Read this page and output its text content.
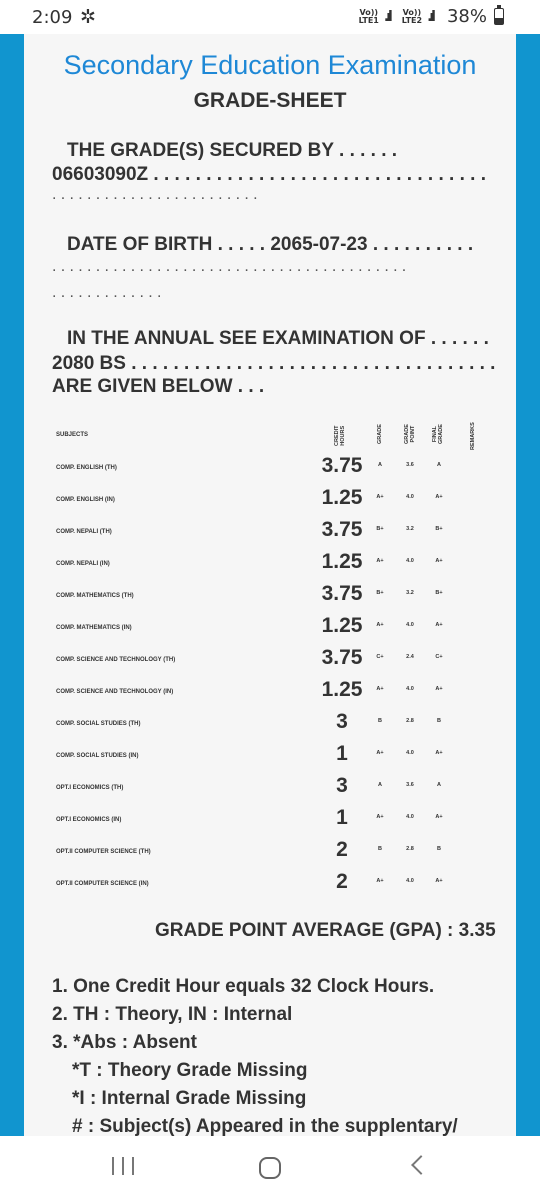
2:09 ✲	Vo))
LTE1 .ıl Vo))
LTE2 .ıl 38%
Secondary Education Examination
GRADE-SHEET
THE GRADE(S) SECURED BY . . . . . .
06603090Z . . . . . . . . . . . . . . . . . . . . . . . . . . . . . . . .
........................
DATE OF BIRTH . . . . . 2065-07-23 . . . . . . . . . .
.........................................
.............
IN THE ANNUAL SEE EXAMINATION OF . . . . . .
2080 BS . . . . . . . . . . . . . . . . . . . . . . . . . . . . . . . . . . .
ARE GIVEN BELOW . . .
SUBJECTS	CREDIT HOURS	GRADE	GRADE POINT	FINAL GRADE	REMARKS
COMP. ENGLISH (TH)	3.75	A	3.6	A
COMP. ENGLISH (IN)	1.25	A+	4.0	A+
COMP. NEPALI (TH)	3.75	B+	3.2	B+
COMP. NEPALI (IN)	1.25	A+	4.0	A+
COMP. MATHEMATICS (TH)	3.75	B+	3.2	B+
COMP. MATHEMATICS (IN)	1.25	A+	4.0	A+
COMP. SCIENCE AND TECHNOLOGY (TH)	3.75	C+	2.4	C+
COMP. SCIENCE AND TECHNOLOGY (IN)	1.25	A+	4.0	A+
COMP. SOCIAL STUDIES (TH)	3	B	2.8	B
COMP. SOCIAL STUDIES (IN)	1	A+	4.0	A+
OPT.I ECONOMICS (TH)	3	A	3.6	A
OPT.I ECONOMICS (IN)	1	A+	4.0	A+
OPT.II COMPUTER SCIENCE (TH)	2	B	2.8	B
OPT.II COMPUTER SCIENCE (IN)	2	A+	4.0	A+
GRADE POINT AVERAGE (GPA) : 3.35
1. One Credit Hour equals 32 Clock Hours.
2. TH : Theory, IN : Internal
3. *Abs : Absent
*T : Theory Grade Missing
*I : Internal Grade Missing
# : Subject(s) Appeared in the supplentary/
